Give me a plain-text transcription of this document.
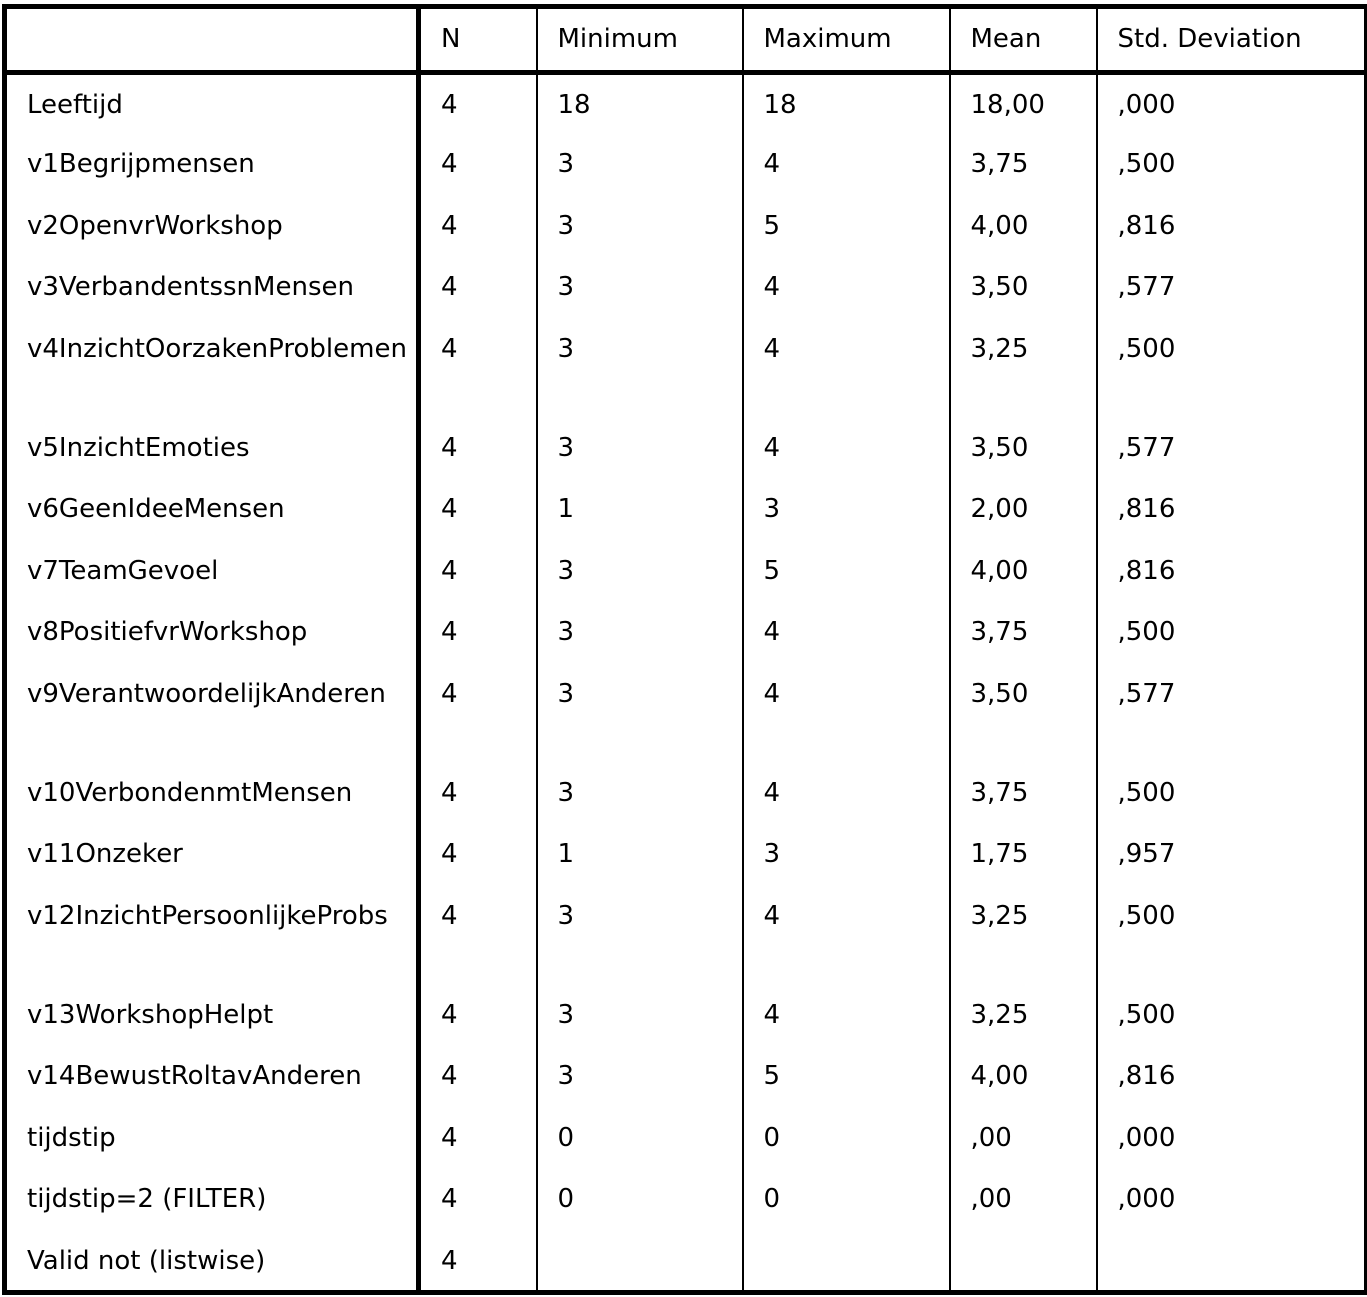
	N	Minimum	Maximum	Mean	Std. Deviation
Leeftijd	4	18	18	18,00	,000
v1Begrijpmensen	4	3	4	3,75	,500
v2OpenvrWorkshop	4	3	5	4,00	,816
v3VerbandentssnMensen	4	3	4	3,50	,577
v4InzichtOorzakenProblemen	4	3	4	3,25	,500
v5InzichtEmoties	4	3	4	3,50	,577
v6GeenIdeeMensen	4	1	3	2,00	,816
v7TeamGevoel	4	3	5	4,00	,816
v8PositiefvrWorkshop	4	3	4	3,75	,500
v9VerantwoordelijkAnderen	4	3	4	3,50	,577
v10VerbondenmtMensen	4	3	4	3,75	,500
v11Onzeker	4	1	3	1,75	,957
v12InzichtPersoonlijkeProbs	4	3	4	3,25	,500
v13WorkshopHelpt	4	3	4	3,25	,500
v14BewustRoltavAnderen	4	3	5	4,00	,816
tijdstip	4	0	0	,00	,000
tijdstip=2 (FILTER)	4	0	0	,00	,000
Valid not (listwise)	4				
